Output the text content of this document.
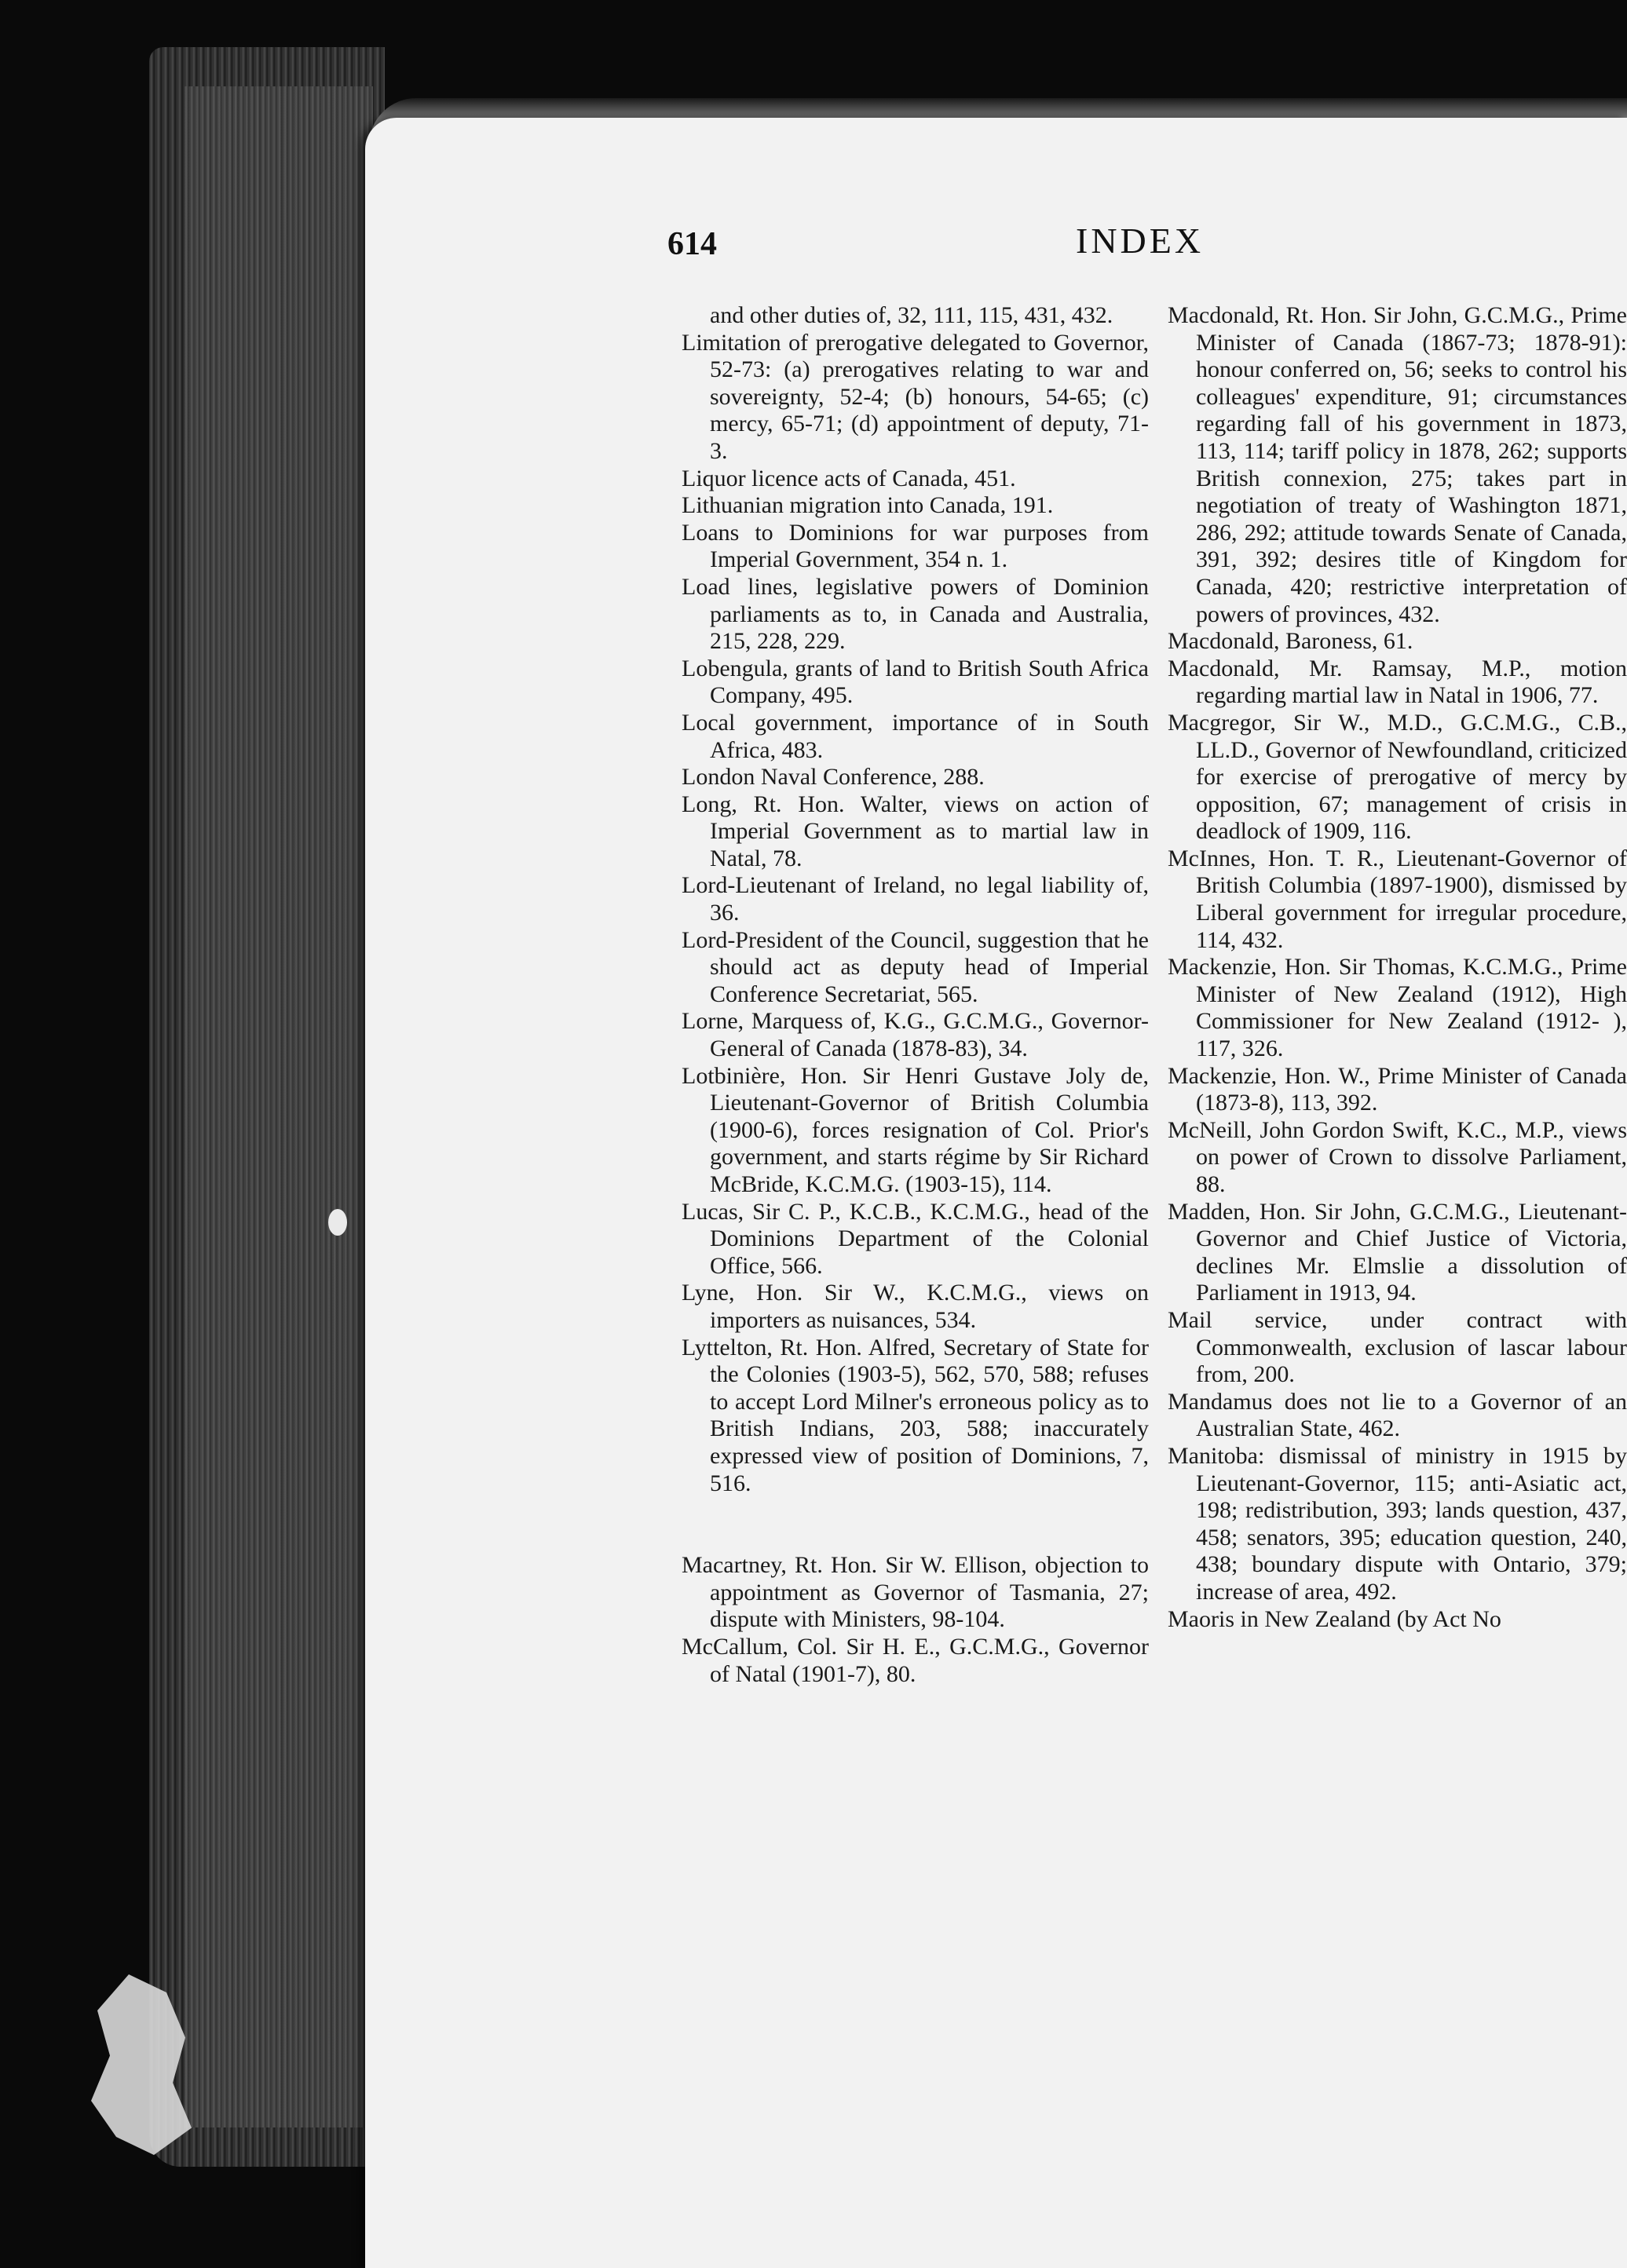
614	INDEX

and other duties of, 32, 111, 115, 431, 432.

Limitation of prerogative delegated to Governor, 52-73: (a) prerogatives relating to war and sovereignty, 52-4; (b) honours, 54-65; (c) mercy, 65-71; (d) appointment of deputy, 71-3.

Liquor licence acts of Canada, 451.

Lithuanian migration into Canada, 191.

Loans to Dominions for war purposes from Imperial Government, 354 n. 1.

Load lines, legislative powers of Dominion parliaments as to, in Canada and Australia, 215, 228, 229.

Lobengula, grants of land to British South Africa Company, 495.

Local government, importance of in South Africa, 483.

London Naval Conference, 288.

Long, Rt. Hon. Walter, views on action of Imperial Government as to martial law in Natal, 78.

Lord-Lieutenant of Ireland, no legal liability of, 36.

Lord-President of the Council, suggestion that he should act as deputy head of Imperial Conference Secretariat, 565.

Lorne, Marquess of, K.G., G.C.M.G., Governor-General of Canada (1878-83), 34.

Lotbinière, Hon. Sir Henri Gustave Joly de, Lieutenant-Governor of British Columbia (1900-6), forces resignation of Col. Prior's government, and starts régime by Sir Richard McBride, K.C.M.G. (1903-15), 114.

Lucas, Sir C. P., K.C.B., K.C.M.G., head of the Dominions Department of the Colonial Office, 566.

Lyne, Hon. Sir W., K.C.M.G., views on importers as nuisances, 534.

Lyttelton, Rt. Hon. Alfred, Secretary of State for the Colonies (1903-5), 562, 570, 588; refuses to accept Lord Milner's erroneous policy as to British Indians, 203, 588; inaccurately expressed view of position of Dominions, 7, 516.

Macartney, Rt. Hon. Sir W. Ellison, objection to appointment as Governor of Tasmania, 27; dispute with Ministers, 98-104.

McCallum, Col. Sir H. E., G.C.M.G., Governor of Natal (1901-7), 80.

Macdonald, Rt. Hon. Sir John, G.C.M.G., Prime Minister of Canada (1867-73; 1878-91): honour conferred on, 56; seeks to control his colleagues' expenditure, 91; circumstances regarding fall of his government in 1873, 113, 114; tariff policy in 1878, 262; supports British connexion, 275; takes part in negotiation of treaty of Washington 1871, 286, 292; attitude towards Senate of Canada, 391, 392; desires title of Kingdom for Canada, 420; restrictive interpretation of powers of provinces, 432.

Macdonald, Baroness, 61.

Macdonald, Mr. Ramsay, M.P., motion regarding martial law in Natal in 1906, 77.

Macgregor, Sir W., M.D., G.C.M.G., C.B., LL.D., Governor of Newfoundland, criticized for exercise of prerogative of mercy by opposition, 67; management of crisis in deadlock of 1909, 116.

McInnes, Hon. T. R., Lieutenant-Governor of British Columbia (1897-1900), dismissed by Liberal government for irregular procedure, 114, 432.

Mackenzie, Hon. Sir Thomas, K.C.M.G., Prime Minister of New Zealand (1912), High Commissioner for New Zealand (1912- ), 117, 326.

Mackenzie, Hon. W., Prime Minister of Canada (1873-8), 113, 392.

McNeill, John Gordon Swift, K.C., M.P., views on power of Crown to dissolve Parliament, 88.

Madden, Hon. Sir John, G.C.M.G., Lieutenant-Governor and Chief Justice of Victoria, declines Mr. Elmslie a dissolution of Parliament in 1913, 94.

Mail service, under contract with Commonwealth, exclusion of lascar labour from, 200.

Mandamus does not lie to a Governor of an Australian State, 462.

Manitoba: dismissal of ministry in 1915 by Lieutenant-Governor, 115; anti-Asiatic act, 198; redistribution, 393; lands question, 437, 458; senators, 395; education question, 240, 438; boundary dispute with Ontario, 379; increase of area, 492.

Maoris in New Zealand (by Act No
